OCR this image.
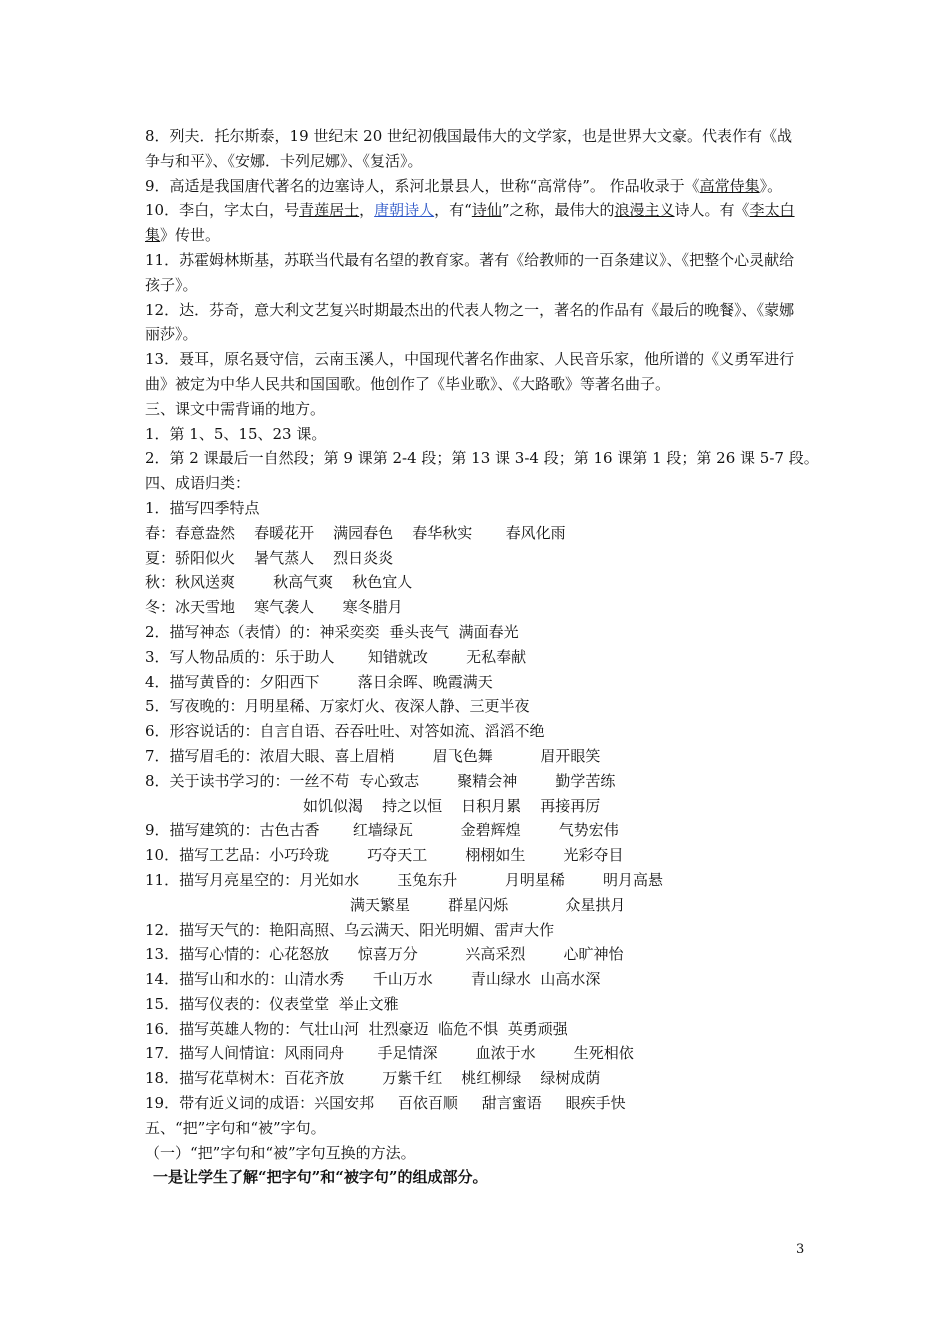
8．列夫．托尔斯泰，19 世纪末 20 世纪初俄国最伟大的文学家，也是世界大文豪。代表作有《战争与和平》、《安娜．卡列尼娜》、《复活》。

9．高适是我国唐代著名的边塞诗人，系河北景县人，世称“高常侍”。 作品收录于《高常侍集》。

10．李白，字太白，号青莲居士，唐朝诗人，有“诗仙”之称，最伟大的浪漫主义诗人。有《李太白集》传世。

11．苏霍姆林斯基，苏联当代最有名望的教育家。著有《给教师的一百条建议》、《把整个心灵献给孩子》。

12．达．芬奇，意大利文艺复兴时期最杰出的代表人物之一，著名的作品有《最后的晚餐》、《蒙娜丽莎》。

13．聂耳，原名聂守信，云南玉溪人，中国现代著名作曲家、人民音乐家，他所谱的《义勇军进行曲》被定为中华人民共和国国歌。他创作了《毕业歌》、《大路歌》等著名曲子。

三、课文中需背诵的地方。

1．第 1、5、15、23 课。

2．第 2 课最后一自然段；第 9 课第 2-4 段；第 13 课 3-4 段；第 16 课第 1 段；第 26 课 5-7 段。

四、成语归类：

1．描写四季特点

春：春意盎然    春暖花开    满园春色    春华秋实       春风化雨

夏：骄阳似火    暑气蒸人    烈日炎炎

秋：秋风送爽        秋高气爽    秋色宜人

冬：冰天雪地    寒气袭人      寒冬腊月

2．描写神态（表情）的：神采奕奕  垂头丧气  满面春光

3．写人物品质的：乐于助人       知错就改        无私奉献

4．描写黄昏的：夕阳西下        落日余晖、晚霞满天

5．写夜晚的：月明星稀、万家灯火、夜深人静、三更半夜

6．形容说话的：自言自语、吞吞吐吐、对答如流、滔滔不绝

7．描写眉毛的：浓眉大眼、喜上眉梢        眉飞色舞          眉开眼笑

8．关于读书学习的：一丝不苟  专心致志        聚精会神        勤学苦练

如饥似渴    持之以恒    日积月累    再接再厉

9．描写建筑的：古色古香       红墙绿瓦          金碧辉煌        气势宏伟

10．描写工艺品：小巧玲珑        巧夺天工        栩栩如生        光彩夺目

11．描写月亮星空的：月光如水        玉兔东升          月明星稀        明月高悬

满天繁星        群星闪烁            众星拱月

12．描写天气的：艳阳高照、乌云满天、阳光明媚、雷声大作

13．描写心情的：心花怒放      惊喜万分          兴高采烈        心旷神怡

14．描写山和水的：山清水秀      千山万水        青山绿水  山高水深

15．描写仪表的：仪表堂堂  举止文雅

16．描写英雄人物的：气壮山河  壮烈豪迈  临危不惧  英勇顽强

17．描写人间情谊：风雨同舟       手足情深        血浓于水        生死相依

18．描写花草树木：百花齐放        万紫千红    桃红柳绿    绿树成荫

19．带有近义词的成语：兴国安邦     百依百顺     甜言蜜语     眼疾手快

五、“把”字句和“被”字句。

（一）“把”字句和“被”字句互换的方法。

一是让学生了解“把字句”和“被字句”的组成部分。

3
